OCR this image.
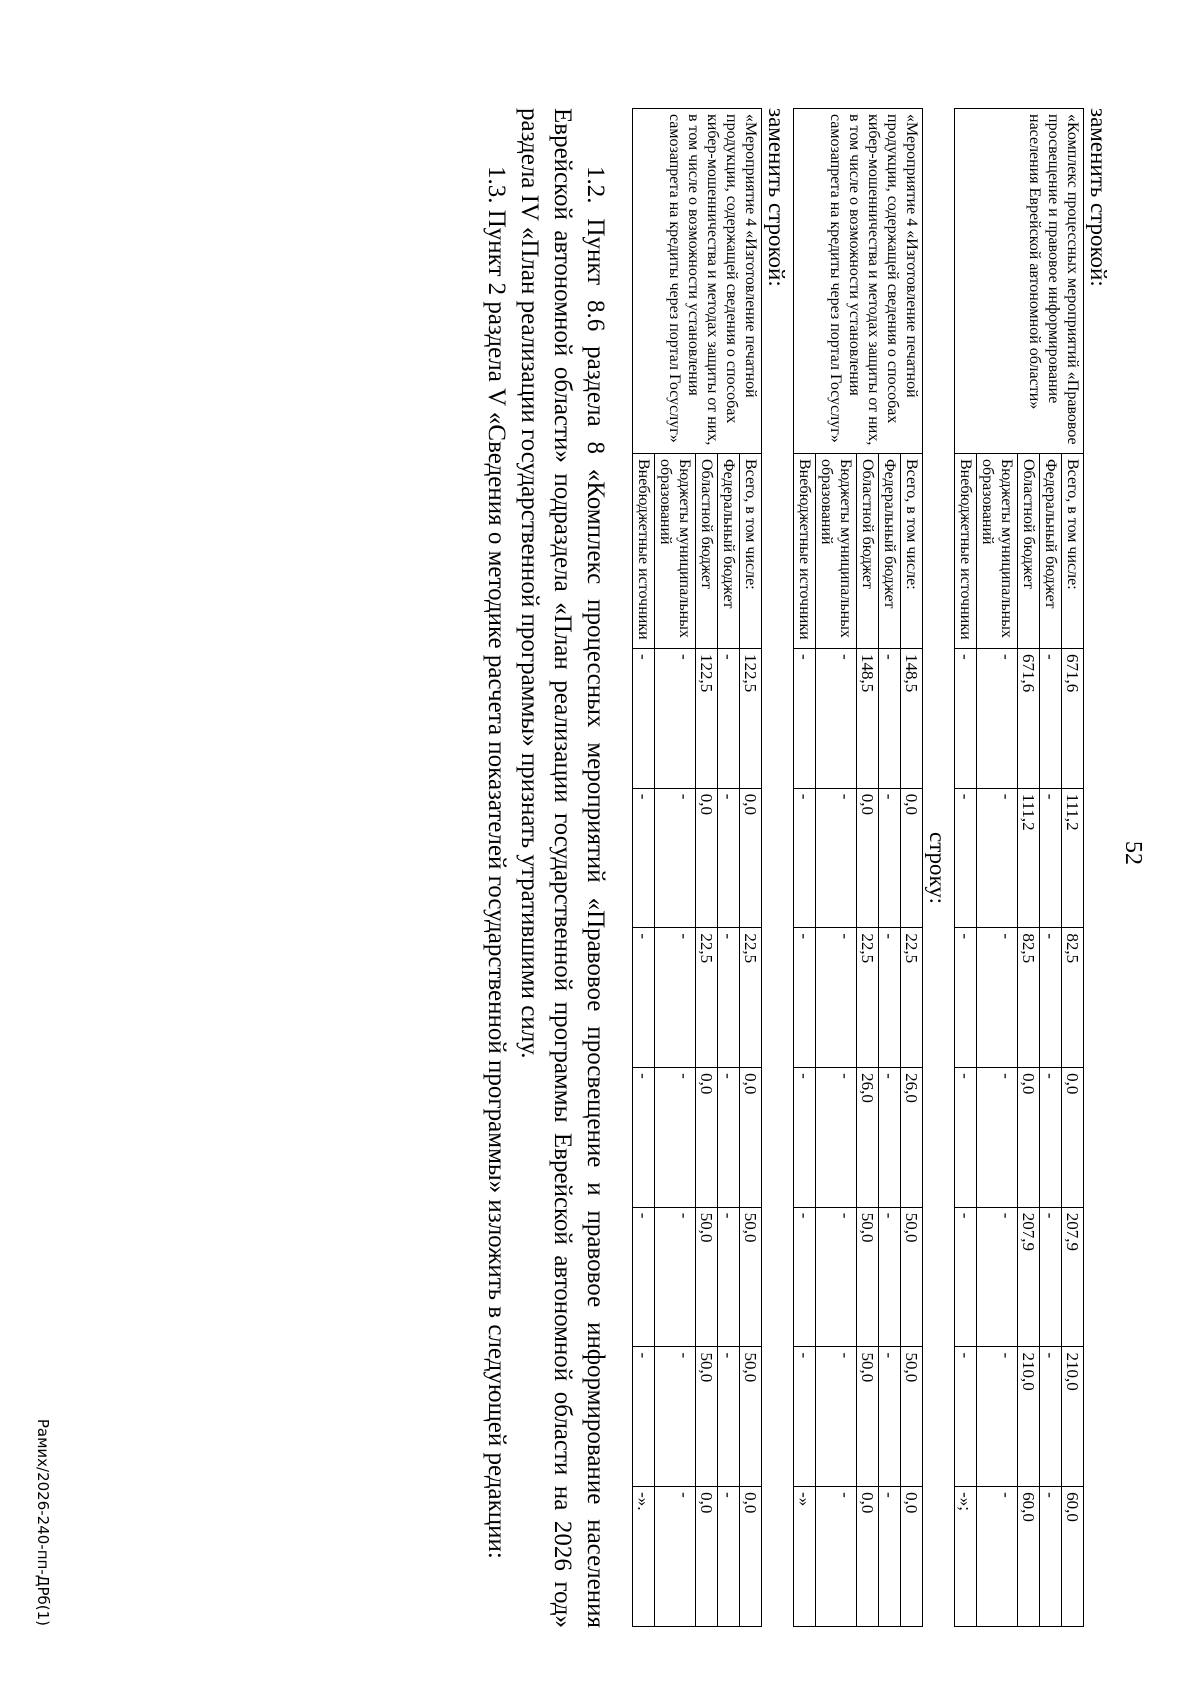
52

заменить строкой:

«Комплекс процессных мероприятий «Правовое просвещение и правовое информирование населения Еврейской автономной области»	Всего, в том числе:	671,6	111,2	82,5	0,0	207,9	210,0	60,0
	Федеральный бюджет	-	-	-	-	-	-	-
	Областной бюджет	671,6	111,2	82,5	0,0	207,9	210,0	60,0
	Бюджеты муниципальных образований	-	-	-	-	-	-	-
	Внебюджетные источники	-	-	-	-	-	-	-»;

строку:

«Мероприятие 4 «Изготовление печатной продукции, содержащей сведения о способах кибер-мошенничества и методах защиты от них, в том числе о возможности установления самозапрета на кредиты через портал Госуслуг»	Всего, в том числе:	148,5	0,0	22,5	26,0	50,0	50,0	0,0
	Федеральный бюджет	-	-	-	-	-	-	-
	Областной бюджет	148,5	0,0	22,5	26,0	50,0	50,0	0,0
	Бюджеты муниципальных образований	-	-	-	-	-	-	-
	Внебюджетные источники	-	-	-	-	-	-	-»

заменить строкой:

«Мероприятие 4 «Изготовление печатной продукции, содержащей сведения о способах кибер-мошенничества и методах защиты от них, в том числе о возможности установления самозапрета на кредиты через портал Госуслуг»	Всего, в том числе:	122,5	0,0	22,5	0,0	50,0	50,0	0,0
	Федеральный бюджет	-	-	-	-	-	-	-
	Областной бюджет	122,5	0,0	22,5	0,0	50,0	50,0	0,0
	Бюджеты муниципальных образований	-	-	-	-	-	-	-
	Внебюджетные источники	-	-	-	-	-	-	-».

1.2. Пункт 8.6 раздела 8 «Комплекс процессных мероприятий «Правовое просвещение и правовое информирование населения Еврейской автономной области» подраздела «План реализации государственной программы Еврейской автономной области на 2026 год» раздела IV «План реализации государственной программы» признать утратившими силу.

1.3. Пункт 2 раздела V «Сведения о методике расчета показателей государственной программы» изложить в следующей редакции:

Рамих/2026-240-пп-ДРб(1)
